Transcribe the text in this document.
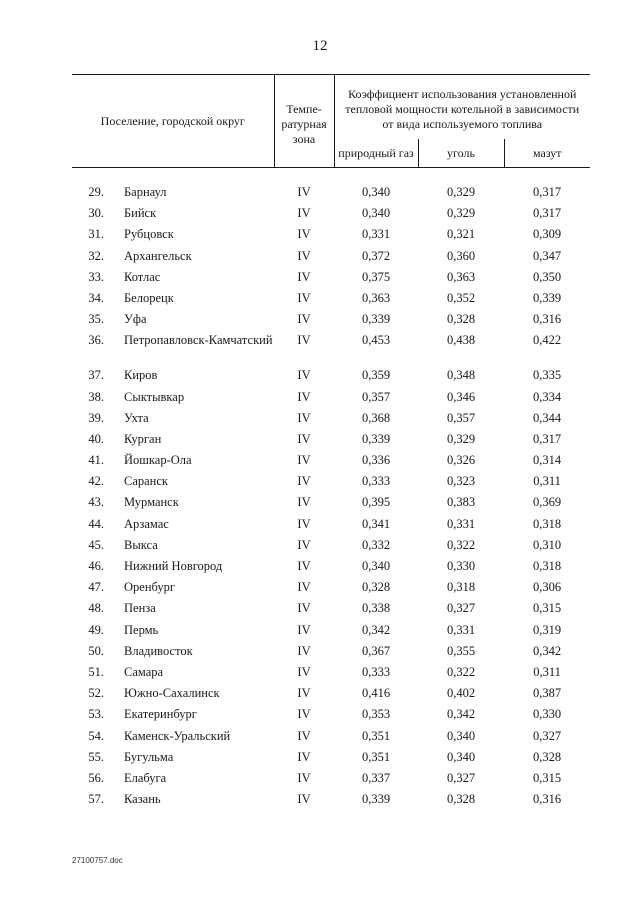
12
Поселение, городской округ		Темпе-ратурная зона	Коэффициент использования установленной тепловой мощности котельной в зависимости от вида используемого топлива		
			природный газ	уголь	мазут

29.	Барнаул	IV	0,340	0,329	0,317
30.	Бийск	IV	0,340	0,329	0,317
31.	Рубцовск	IV	0,331	0,321	0,309
32.	Архангельск	IV	0,372	0,360	0,347
33.	Котлас	IV	0,375	0,363	0,350
34.	Белорецк	IV	0,363	0,352	0,339
35.	Уфа	IV	0,339	0,328	0,316
36.	Петропавловск-Камчатский	IV	0,453	0,438	0,422
37.	Киров	IV	0,359	0,348	0,335
38.	Сыктывкар	IV	0,357	0,346	0,334
39.	Ухта	IV	0,368	0,357	0,344
40.	Курган	IV	0,339	0,329	0,317
41.	Йошкар-Ола	IV	0,336	0,326	0,314
42.	Саранск	IV	0,333	0,323	0,311
43.	Мурманск	IV	0,395	0,383	0,369
44.	Арзамас	IV	0,341	0,331	0,318
45.	Выкса	IV	0,332	0,322	0,310
46.	Нижний Новгород	IV	0,340	0,330	0,318
47.	Оренбург	IV	0,328	0,318	0,306
48.	Пенза	IV	0,338	0,327	0,315
49.	Пермь	IV	0,342	0,331	0,319
50.	Владивосток	IV	0,367	0,355	0,342
51.	Самара	IV	0,333	0,322	0,311
52.	Южно-Сахалинск	IV	0,416	0,402	0,387
53.	Екатеринбург	IV	0,353	0,342	0,330
54.	Каменск-Уральский	IV	0,351	0,340	0,327
55.	Бугульма	IV	0,351	0,340	0,328
56.	Елабуга	IV	0,337	0,327	0,315
57.	Казань	IV	0,339	0,328	0,316
27100757.doc
